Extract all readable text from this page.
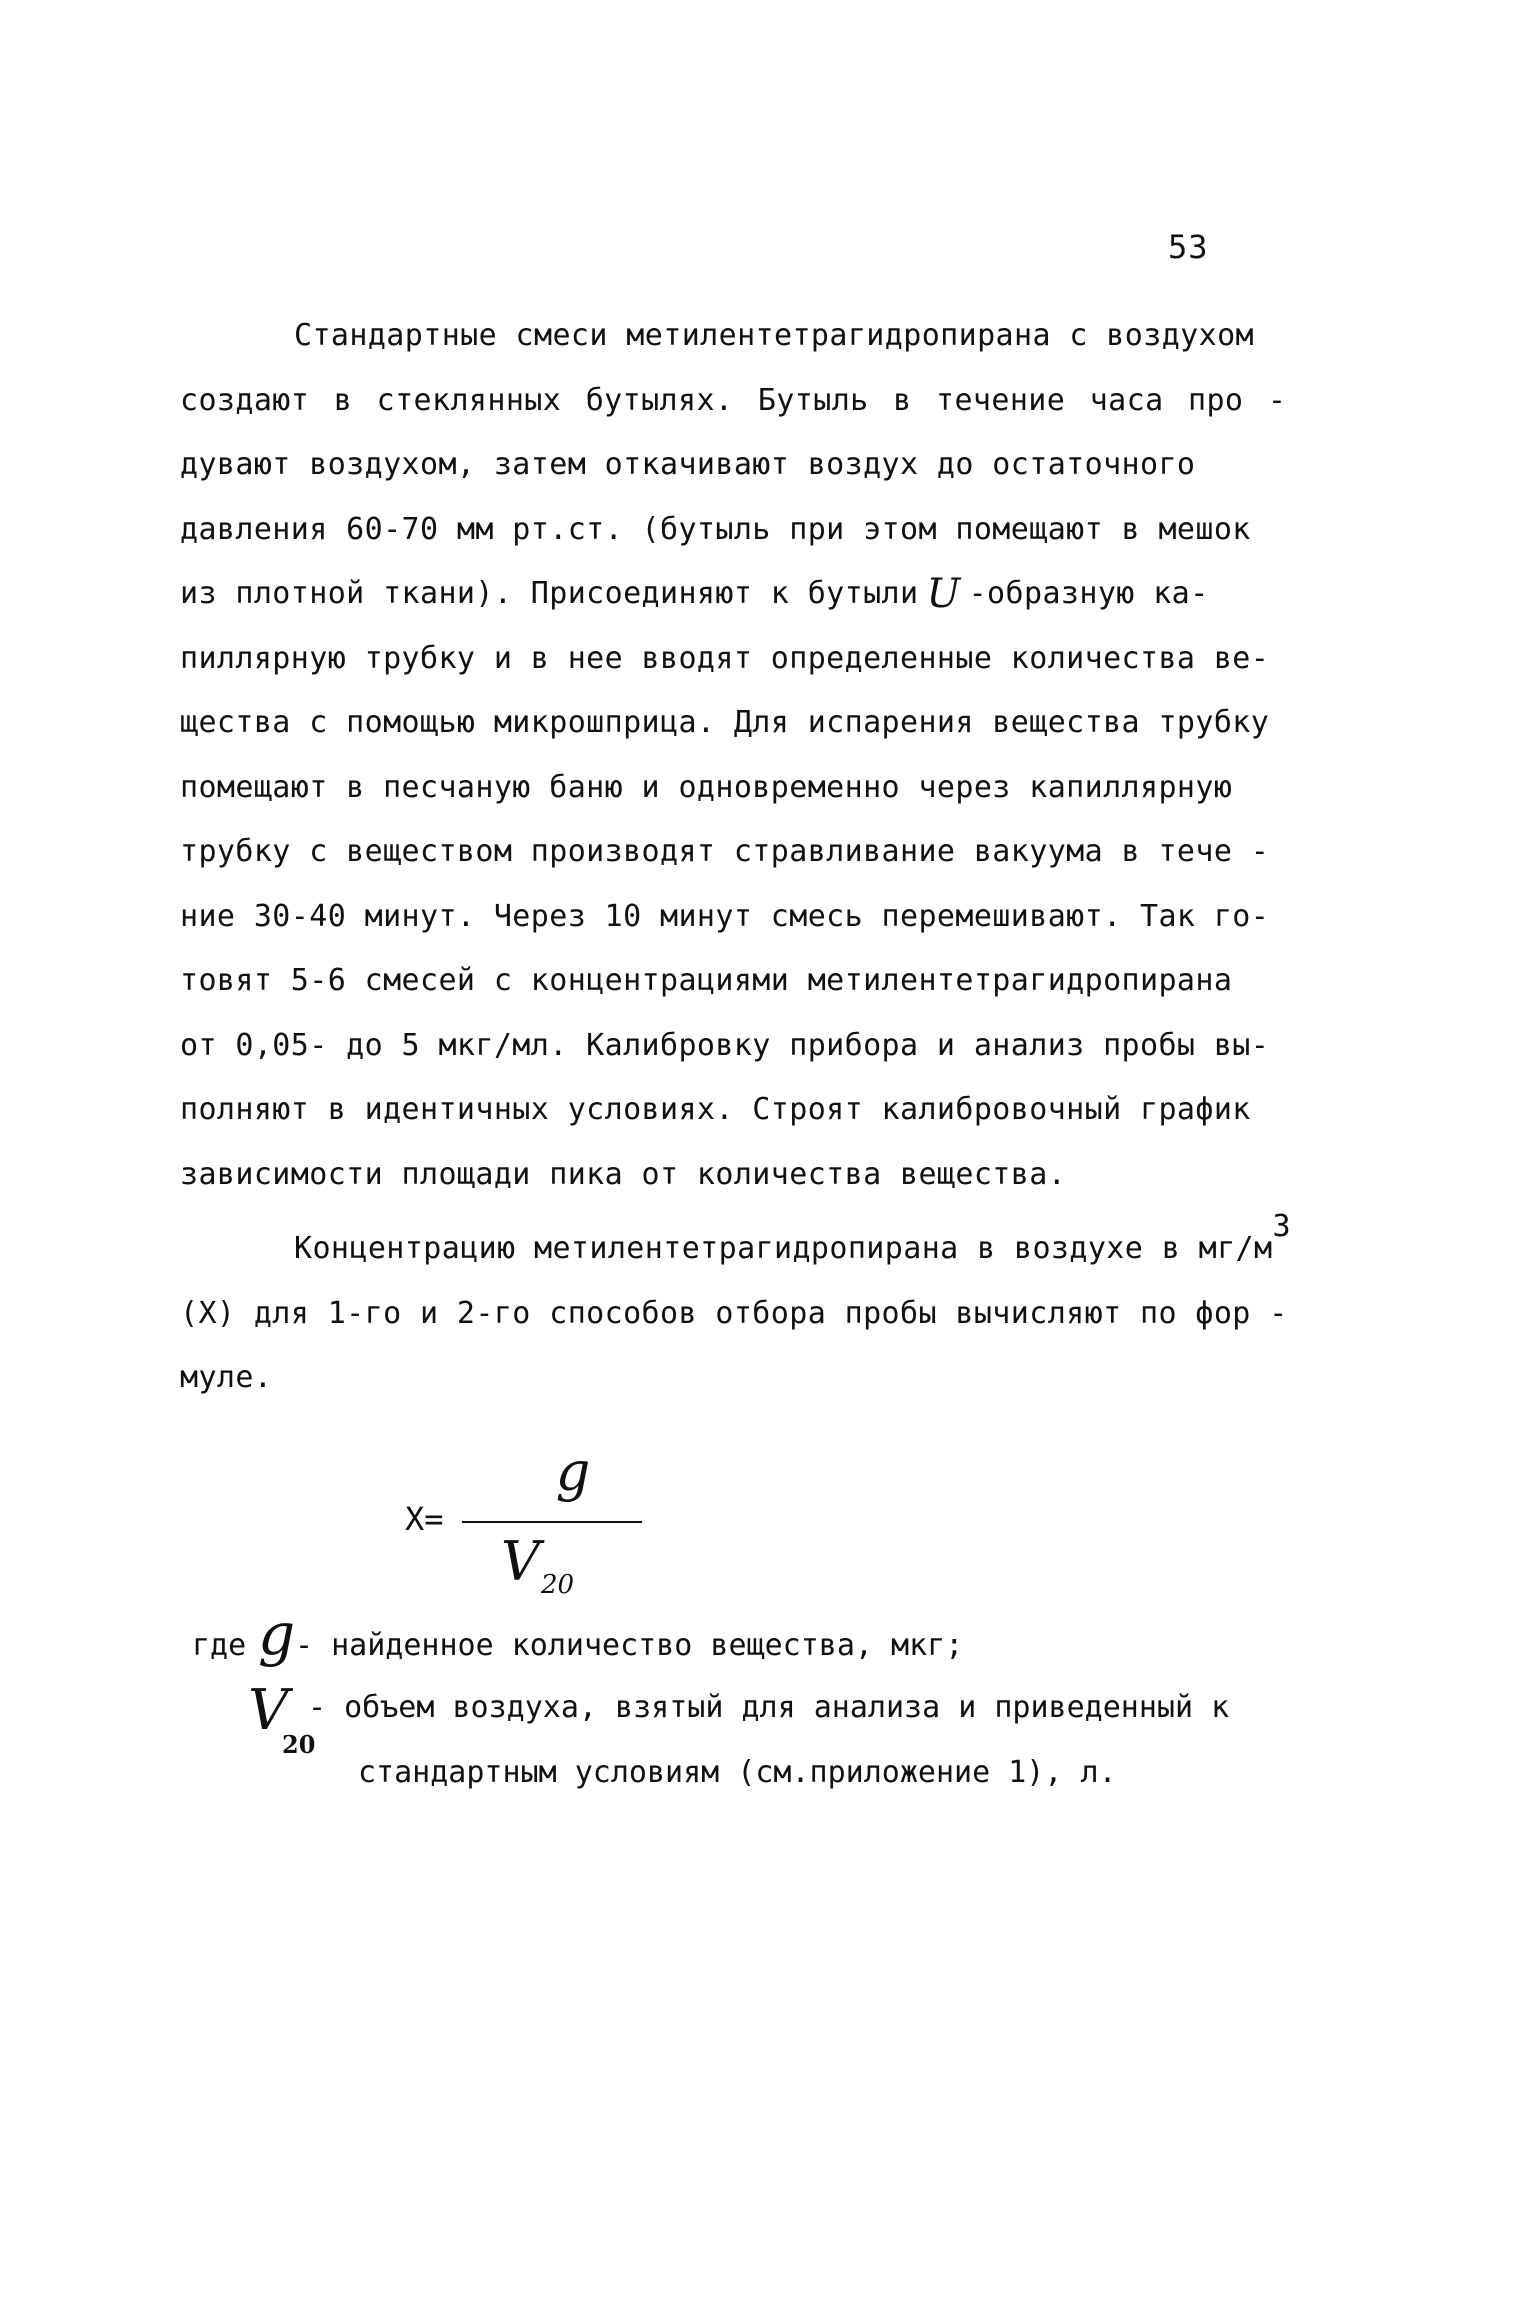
53
Стандартные смеси метилентетрагидропирана с воздухом
создают в стеклянных бутылях. Бутыль в течение часа про -
дувают воздухом, затем откачивают воздух до остаточного
давления 60-70 мм рт.ст. (бутыль при этом помещают в мешок
из плотной ткани). Присоединяют к бутыли U -образную ка-
пиллярную трубку и в нее вводят определенные количества ве-
щества с помощью микрошприца. Для испарения вещества трубку
помещают в песчаную баню и одновременно через капиллярную
трубку с веществом производят стравливание вакуума в тече -
ние 30-40 минут. Через 10 минут смесь перемешивают. Так го-
товят 5-6 смесей с концентрациями метилентетрагидропирана
от 0,05- до 5 мкг/мл. Калибровку прибора и анализ пробы вы-
полняют в идентичных условиях. Строят калибровочный график
зависимости площади пика от количества вещества.
Концентрацию метилентетрагидропирана в воздухе в мг/м3
(X) для 1-го и 2-го способов отбора пробы вычисляют по фор -
муле.
X=
g
V 20
где g - найденное количество вещества, мкг;
V
20
- объем воздуха, взятый для анализа и приведенный к
стандартным условиям (см.приложение 1), л.
